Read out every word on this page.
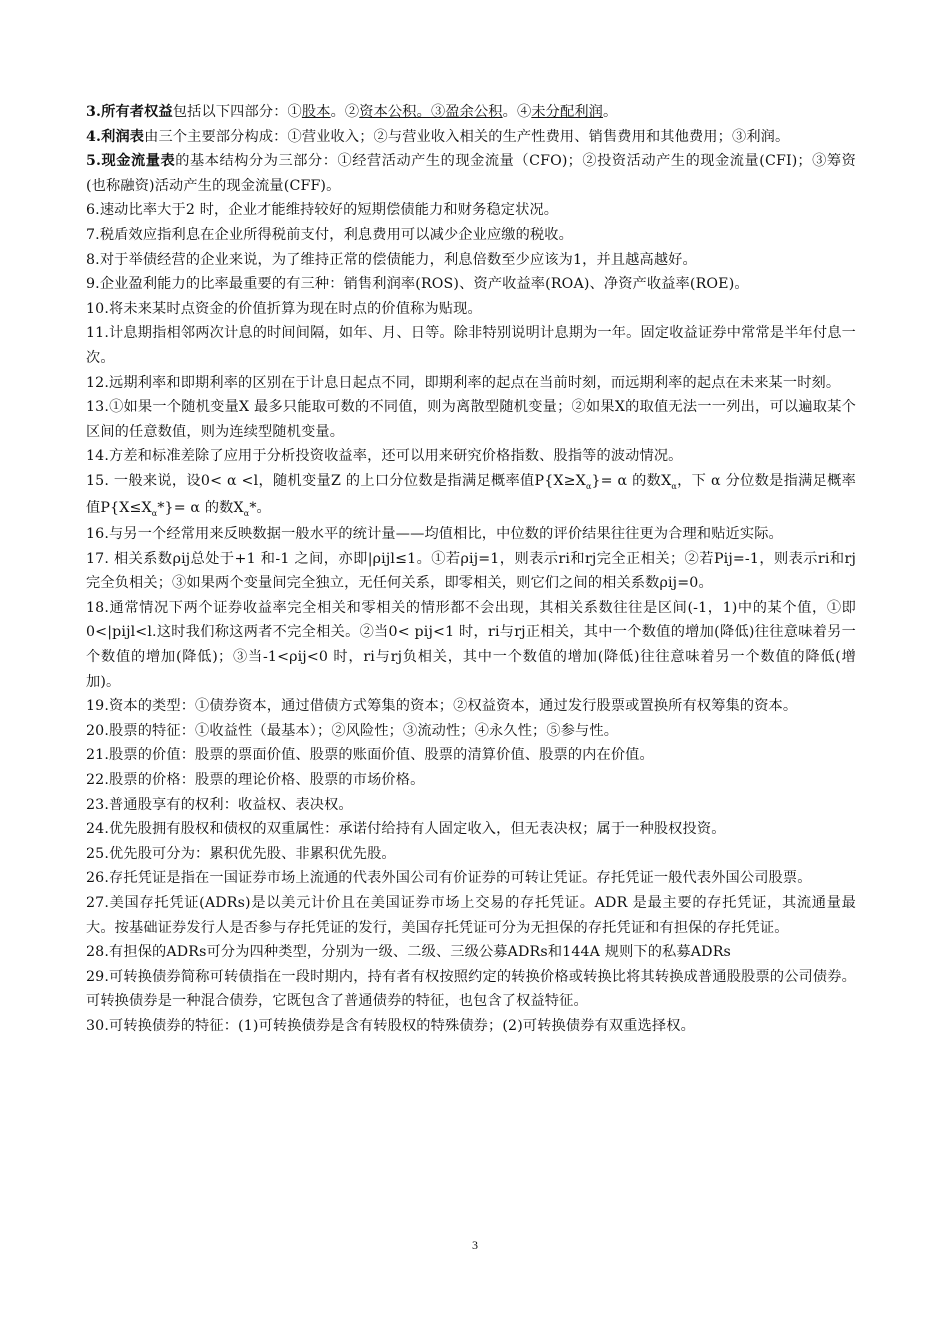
3.所有者权益包括以下四部分：①股本。②资本公积。③盈余公积。④未分配利润。

4.利润表由三个主要部分构成：①营业收入；②与营业收入相关的生产性费用、销售费用和其他费用；③利润。

5.现金流量表的基本结构分为三部分：①经营活动产生的现金流量（CFO)；②投资活动产生的现金流量(CFI)；③筹资(也称融资)活动产生的现金流量(CFF)。

6.速动比率大于2 时，企业才能维持较好的短期偿债能力和财务稳定状况。

7.税盾效应指利息在企业所得税前支付，利息费用可以减少企业应缴的税收。

8.对于举债经营的企业来说，为了维持正常的偿债能力，利息倍数至少应该为1，并且越高越好。

9.企业盈利能力的比率最重要的有三种：销售利润率(ROS)、资产收益率(ROA)、净资产收益率(ROE)。

10.将未来某时点资金的价值折算为现在时点的价值称为贴现。

11.计息期指相邻两次计息的时间间隔，如年、月、日等。除非特别说明计息期为一年。固定收益证券中常常是半年付息一次。

12.远期利率和即期利率的区别在于计息日起点不同，即期利率的起点在当前时刻，而远期利率的起点在未来某一时刻。

13.①如果一个随机变量X 最多只能取可数的不同值，则为离散型随机变量；②如果X的取值无法一一列出，可以遍取某个区间的任意数值，则为连续型随机变量。

14.方差和标准差除了应用于分析投资收益率，还可以用来研究价格指数、股指等的波动情况。

15. 一般来说，设0< α <l，随机变量Z 的上口分位数是指满足概率值$P\{X\ge X_\alpha\}= \alpha$ 的数$X_\alpha$，下 α 分位数是指满足概率值$P\{X\le X_\alpha*\}= \alpha$ 的数$X_\alpha*$。

16.与另一个经常用来反映数据一般水平的统计量——均值相比，中位数的评价结果往往更为合理和贴近实际。

17. 相关系数ρij总处于+1 和-1 之间，亦即|ρijl≤1。①若ρij=1，则表示ri和rj完全正相关；②若Pij=-1，则表示ri和rj完全负相关；③如果两个变量间完全独立，无任何关系，即零相关，则它们之间的相关系数ρij=0。

18.通常情况下两个证券收益率完全相关和零相关的情形都不会出现，其相关系数往往是区间(-1，1)中的某个值，①即0<|pijl<l.这时我们称这两者不完全相关。②当0< pij<1 时，ri与rj正相关，其中一个数值的增加(降低)往往意味着另一个数值的增加(降低)；③当-1<ρij<0 时，ri与rj负相关，其中一个数值的增加(降低)往往意味着另一个数值的降低(增加)。

19.资本的类型：①债券资本，通过借债方式筹集的资本；②权益资本，通过发行股票或置换所有权筹集的资本。

20.股票的特征：①收益性（最基本）；②风险性；③流动性；④永久性；⑤参与性。

21.股票的价值：股票的票面价值、股票的账面价值、股票的清算价值、股票的内在价值。

22.股票的价格：股票的理论价格、股票的市场价格。

23.普通股享有的权利：收益权、表决权。

24.优先股拥有股权和债权的双重属性：承诺付给持有人固定收入，但无表决权；属于一种股权投资。

25.优先股可分为：累积优先股、非累积优先股。

26.存托凭证是指在一国证券市场上流通的代表外国公司有价证券的可转让凭证。存托凭证一般代表外国公司股票。

27.美国存托凭证(ADRs)是以美元计价且在美国证券市场上交易的存托凭证。ADR 是最主要的存托凭证，其流通量最大。按基础证券发行人是否参与存托凭证的发行，美国存托凭证可分为无担保的存托凭证和有担保的存托凭证。

28.有担保的ADRs可分为四种类型，分别为一级、二级、三级公募ADRs和144A 规则下的私募ADRs

29.可转换债券简称可转债指在一段时期内，持有者有权按照约定的转换价格或转换比将其转换成普通股股票的公司债券。可转换债券是一种混合债券，它既包含了普通债券的特征，也包含了权益特征。

30.可转换债券的特征：(1)可转换债券是含有转股权的特殊债券；(2)可转换债券有双重选择权。

3
